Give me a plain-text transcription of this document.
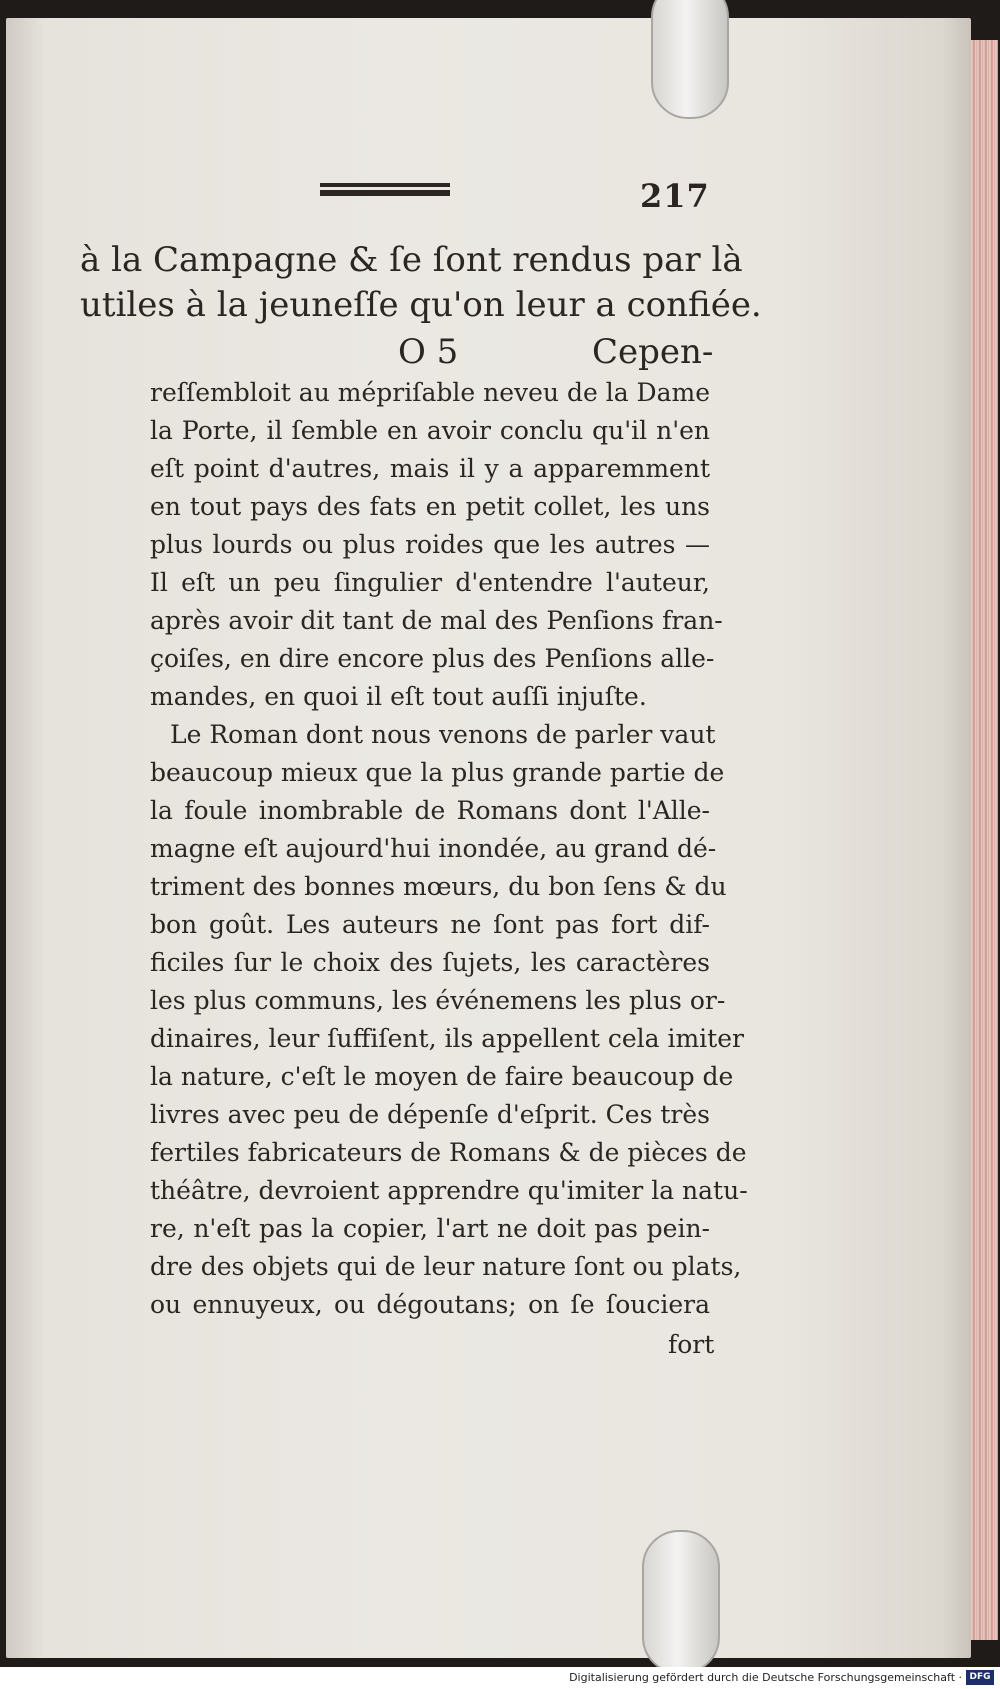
217
à la Campagne & ſe ſont rendus par là
utiles à la jeuneſſe qu'on leur a confiée.
O 5	Cepen-
reſſembloit au mépriſable neveu de la Dame
la Porte, il ſemble en avoir conclu qu'il n'en
eſt point d'autres, mais il y a apparemment
en tout pays des fats en petit collet, les uns
plus lourds ou plus roides que les autres —
Il eſt un peu ſingulier d'entendre l'auteur,
après avoir dit tant de mal des Penſions fran-
çoiſes, en dire encore plus des Penſions alle-
mandes, en quoi il eſt tout auſſi injuſte.
Le Roman dont nous venons de parler vaut
beaucoup mieux que la plus grande partie de
la foule inombrable de Romans dont l'Alle-
magne eſt aujourd'hui inondée, au grand dé-
triment des bonnes mœurs, du bon ſens & du
bon goût. Les auteurs ne ſont pas fort dif-
ficiles ſur le choix des ſujets, les caractères
les plus communs, les événemens les plus or-
dinaires, leur ſuffiſent, ils appellent cela imiter
la nature, c'eſt le moyen de faire beaucoup de
livres avec peu de dépenſe d'eſprit. Ces très
fertiles fabricateurs de Romans & de pièces de
théâtre, devroient apprendre qu'imiter la natu-
re, n'eſt pas la copier, l'art ne doit pas pein-
dre des objets qui de leur nature ſont ou plats,
ou ennuyeux, ou dégoutans; on ſe ſouciera
fort
Digitalisierung gefördert durch die Deutsche Forschungsgemeinschaft · DFG
